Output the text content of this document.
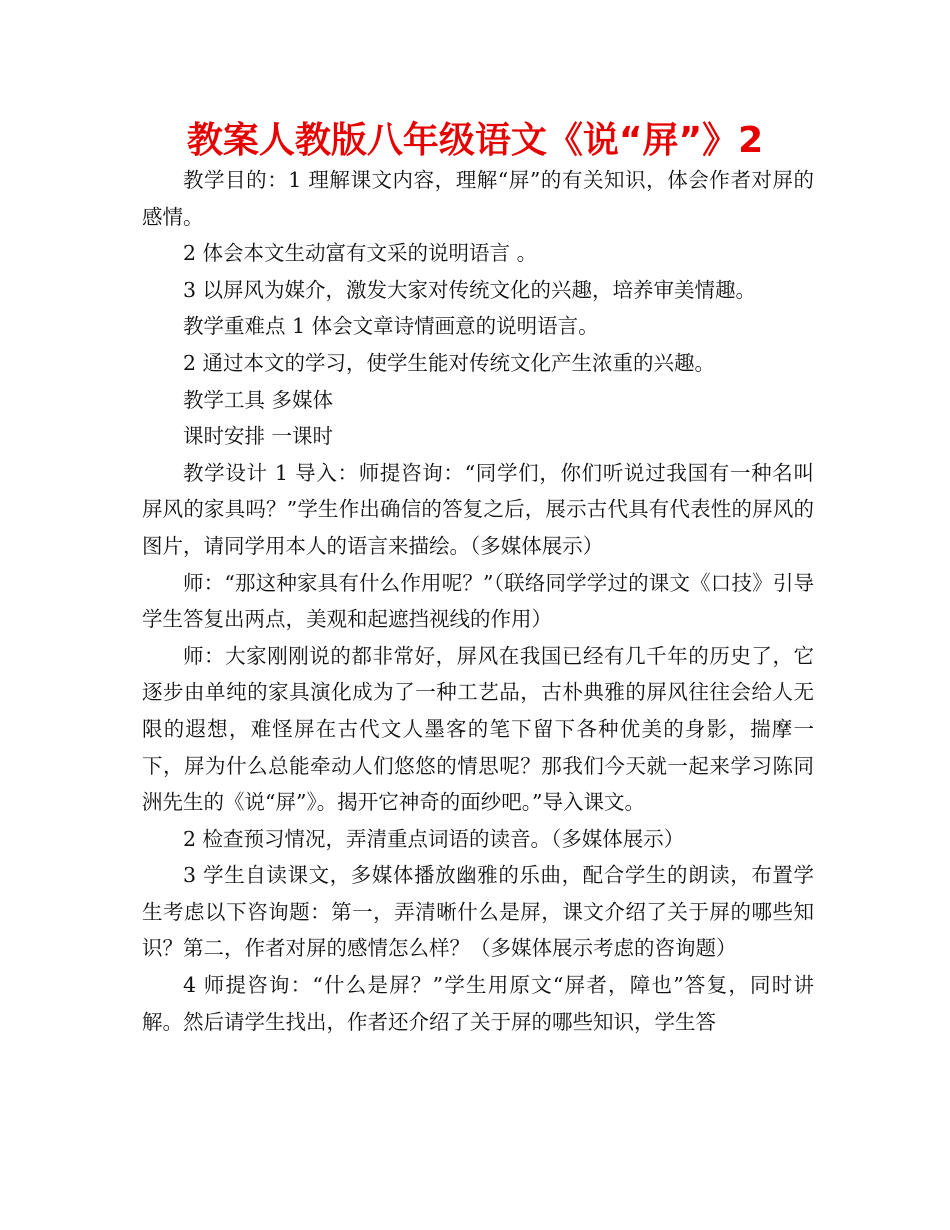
教案人教版八年级语文《说“屏”》2

教学目的：1 理解课文内容，理解“屏”的有关知识，体会作者对屏的感情。

2 体会本文生动富有文采的说明语言 。

3 以屏风为媒介，激发大家对传统文化的兴趣，培养审美情趣。

教学重难点 1 体会文章诗情画意的说明语言。

2 通过本文的学习，使学生能对传统文化产生浓重的兴趣。

教学工具 多媒体

课时安排 一课时

教学设计 1 导入：师提咨询：“同学们，你们听说过我国有一种名叫屏风的家具吗？”学生作出确信的答复之后，展示古代具有代表性的屏风的图片，请同学用本人的语言来描绘。（多媒体展示）

师：“那这种家具有什么作用呢？”（联络同学学过的课文《口技》引导学生答复出两点，美观和起遮挡视线的作用）

师：大家刚刚说的都非常好，屏风在我国已经有几千年的历史了，它逐步由单纯的家具演化成为了一种工艺品，古朴典雅的屏风往往会给人无限的遐想，难怪屏在古代文人墨客的笔下留下各种优美的身影，揣摩一下，屏为什么总能牵动人们悠悠的情思呢？那我们今天就一起来学习陈同洲先生的《说“屏”》。揭开它神奇的面纱吧。”导入课文。

2 检查预习情况，弄清重点词语的读音。（多媒体展示）

3 学生自读课文，多媒体播放幽雅的乐曲，配合学生的朗读，布置学生考虑以下咨询题：第一，弄清晰什么是屏，课文介绍了关于屏的哪些知识？第二，作者对屏的感情怎么样？（多媒体展示考虑的咨询题）

4 师提咨询：“什么是屏？”学生用原文“屏者，障也”答复，同时讲解。然后请学生找出，作者还介绍了关于屏的哪些知识，学生答
